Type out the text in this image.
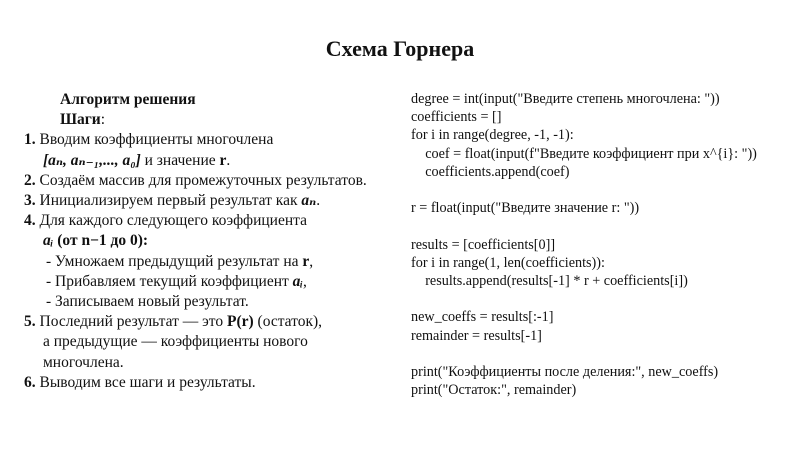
Схема Горнера
Алгоритм решения
Шаги:
1. Вводим коэффициенты многочлена
[aₙ, aₙ₋₁,..., a₀] и значение r.
2. Создаём массив для промежуточных результатов.
3. Инициализируем первый результат как aₙ.
4. Для каждого следующего коэффициента
aᵢ (от n−1 до 0):
- Умножаем предыдущий результат на r,
- Прибавляем текущий коэффициент aᵢ,
- Записываем новый результат.
5. Последний результат — это P(r) (остаток),
а предыдущие — коэффициенты нового
многочлена.
6. Выводим все шаги и результаты.
degree = int(input("Введите степень многочлена: "))
coefficients = []
for i in range(degree, -1, -1):
coef = float(input(f"Введите коэффициент при x^{i}: "))
coefficients.append(coef)
r = float(input("Введите значение r: "))
results = [coefficients[0]]
for i in range(1, len(coefficients)):
results.append(results[-1] * r + coefficients[i])
new_coeffs = results[:-1]
remainder = results[-1]
print("Коэффициенты после деления:", new_coeffs)
print("Остаток:", remainder)
